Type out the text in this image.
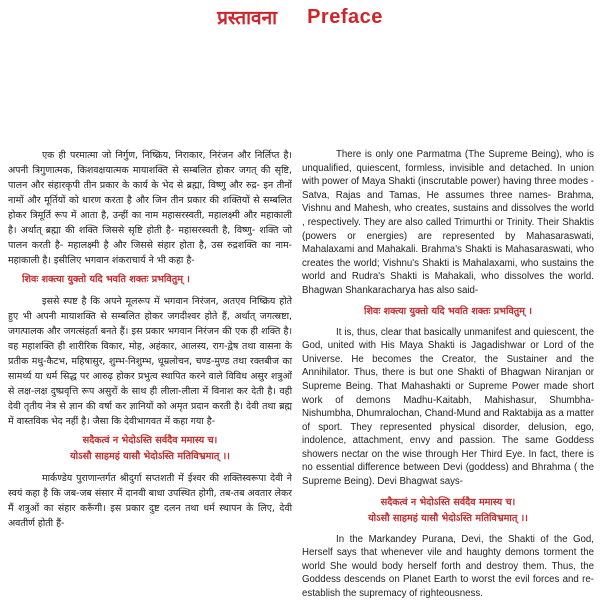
प्रस्तावना Preface

एक ही परमात्मा जो निर्गुण, निष्क्रिय, निराकार, निरंजन और निर्लिप्त है। अपनी त्रिगुणात्मक, किशवक्षयात्मक मायाशक्ति से सम्बलित होकर जगत् की सृष्टि, पालन और संहारकृपी तीन प्रकार के कार्य के भेद से ब्रह्मा, विष्णु और रुद्र- इन तीनों नामों और मूर्तियों को धारण करता है और जिन तीन प्रकार की शक्तियों से सम्बलित होकर त्रिमूर्ति रूप में आता है, उन्हीं का नाम महासरस्वती, महालक्ष्मी और महाकाली है। अर्थात् ब्रह्मा की शक्ति जिससे सृष्टि होती है- महासरस्वती है, विष्णु- शक्ति जो पालन करती है- महालक्ष्मी है और जिससे संहार होता है, उस रुद्रशक्ति का नाम- महाकाली है। इसीलिए भगवान शंकराचार्य ने भी कहा है-

शिवः शक्त्या युक्तो यदि भवति शक्तः प्रभवितुम् ।

इससे स्पष्ट है कि अपने मूलरूप में भगवान निरंजन, अतएव निष्क्रिय होते हुए भी अपनी मायाशक्ति से सम्बलित होकर जगदीश्वर होते हैं, अर्थात् जगत्स्रष्टा, जगत्पालक और जगत्संहर्ता बनते हैं। इस प्रकार भगवान निरंजन की एक ही शक्ति है। वह महाशक्ति ही शारीरिक विकार, मोह, अहंकार, आलस्य, राग-द्वेष तथा वासना के प्रतीक मधु-कैटभ, महिषासुर, शुम्भ-निशुम्भ, धूम्रलोचन, चण्ड-मुण्ड तथा रक्तबीज का सामर्थ्य या धर्म सिद्ध पर आरुढ़ होकर प्रभुत्व स्थापित करने वाले विविध असुर शत्रुओं से लक्ष-लक्ष दुष्प्रवृत्ति रूप असुरों के साथ ही लीला-लीला में विनाश कर देती है। वही देवी तृतीय नेत्र से ज्ञान की वर्षा कर ज्ञानियों को अमृत प्रदान करती है। देवी तथा ब्रह्म में वास्तविक भेद नहीं है। जैसा कि देवीभागवत में कहा गया है-

सदैकत्वं न भेदोऽस्ति सर्वदैव ममास्य च।

योऽसौ साहमहं यासौ भेदोऽस्ति मतिविभ्रमात् ।।

मार्कण्डेय पुराणान्तर्गत श्रीदुर्गा सप्तशती में ईश्वर की शक्तिस्वरूपा देवी ने स्वयं कहा है कि जब-जब संसार में दानवी बाधा उपस्थित होगी, तब-तब अवतार लेकर मैं शत्रुओं का संहार करूँगी। इस प्रकार दुष्ट दलन तथा धर्म स्थापन के लिए, देवी अवतीर्ण होती हैं-

There is only one Parmatma (The Supreme Being), who is unqualified, quiescent, formless, invisible and detached. In union with power of Maya Shakti (inscrutable power) having three modes - Satva, Rajas and Tamas, He assumes three names- Brahma, Vishnu and Mahesh, who creates, sustains and dissolves the world , respectively. They are also called Trimurthi or Trinity. Their Shaktis (powers or energies) are represented by Mahasaraswati, Mahalaxami and Mahakali. Brahma's Shakti is Mahasaraswati, who creates the world; Vishnu's Shakti is Mahalaxami, who sustains the world and Rudra's Shakti is Mahakali, who dissolves the world. Bhagwan Shankaracharya has also said-

शिवः शक्त्या युक्तो यदि भवति शक्तः प्रभवितुम् ।

It is, thus, clear that basically unmanifest and quiescent, the God, united with His Maya Shakti is Jagadishwar or Lord of the Universe. He becomes the Creator, the Sustainer and the Annihilator. Thus, there is but one Shakti of Bhagwan Niranjan or Supreme Being. That Mahashakti or Supreme Power made short work of demons Madhu-Kaitabh, Mahishasur, Shumbha-Nishumbha, Dhumralochan, Chand-Mund and Raktabija as a matter of sport. They represented physical disorder, delusion, ego, indolence, attachment, envy and passion. The same Goddess showers nectar on the wise through Her Third Eye. In fact, there is no essential difference between Devi (goddess) and Bhrahma ( the Supreme Being). Devi Bhagwat says-

सदैकत्वं न भेदोऽस्ति सर्वदैव ममास्य च।

योऽसौ साहमहं यासौ भेदोऽस्ति मतिविभ्रमात् ।।

In the Markandey Purana, Devi, the Shakti of the God, Herself says that whenever vile and haughty demons torment the world She would body herself forth and destroy them. Thus, the Goddess descends on Planet Earth to worst the evil forces and re-establish the supremacy of righteousness.
